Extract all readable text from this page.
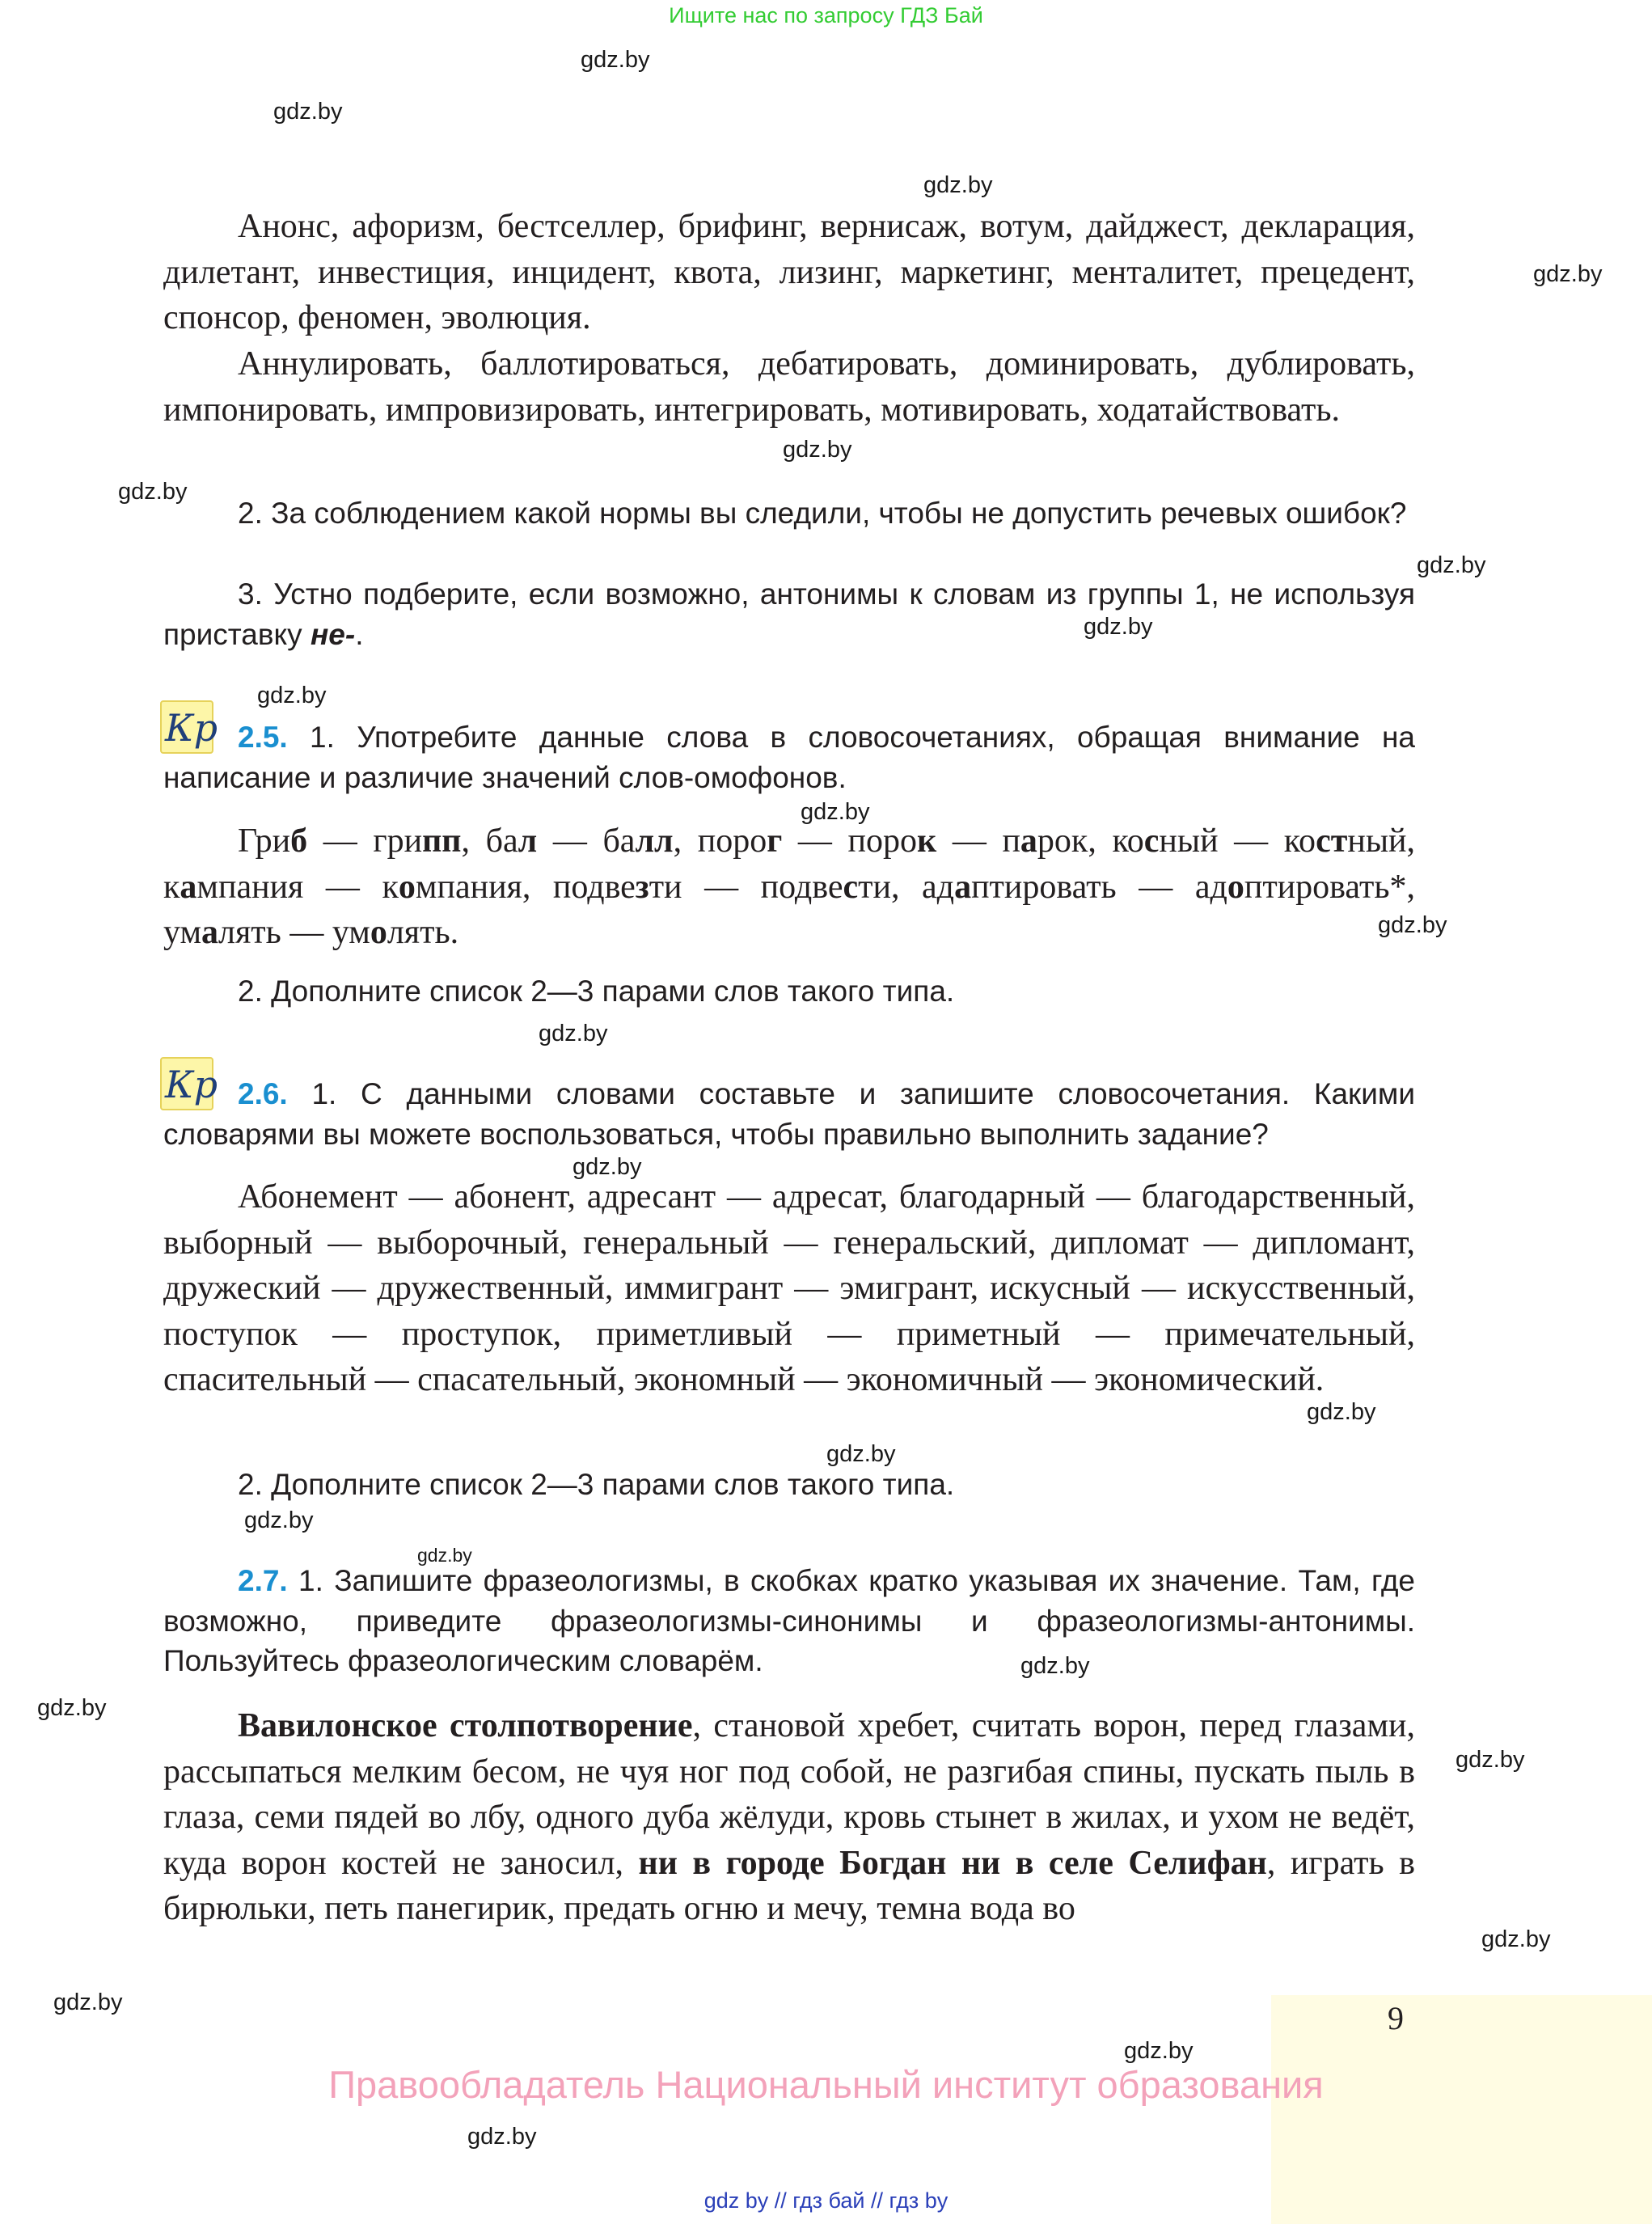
Ищите нас по запросу ГДЗ Бай
gdz.by
gdz.by
gdz.by
gdz.by
gdz.by
gdz.by
gdz.by
gdz.by
gdz.by
gdz.by
gdz.by
gdz.by
gdz.by
gdz.by
gdz.by
gdz.by
gdz.by
gdz.by
gdz.by
gdz.by
gdz.by
gdz.by
gdz.by
gdz.by
Анонс, афоризм, бестселлер, брифинг, вернисаж, вотум, дайджест, декларация, дилетант, инвестиция, инцидент, квота, лизинг, маркетинг, менталитет, прецедент, спонсор, феномен, эволюция.
Аннулировать, баллотироваться, дебатировать, доминировать, дублировать, импонировать, импровизировать, интегрировать, мотивировать, ходатайствовать.
2. За соблюдением какой нормы вы следили, чтобы не допустить речевых ошибок?
3. Устно подберите, если возможно, антонимы к словам из группы 1, не используя приставку не-.
Кр 2.5. 1. Употребите данные слова в словосочетаниях, обращая внимание на написание и различие значений слов-омофонов.
Гриб — грипп, бал — балл, порог — порок — парок, косный — костный, кампания — компания, подвезти — подвести, адаптировать — адоптировать*, умалять — умолять.
2. Дополните список 2—3 парами слов такого типа.
Кр 2.6. 1. С данными словами составьте и запишите словосочетания. Какими словарями вы можете воспользоваться, чтобы правильно выполнить задание?
Абонемент — абонент, адресант — адресат, благодарный — благодарственный, выборный — выборочный, генеральный — генеральский, дипломат — дипломант, дружеский — дружественный, иммигрант — эмигрант, искусный — искусственный, поступок — проступок, приметливый — приметный — примечательный, спасительный — спасательный, экономный — экономичный — экономический.
2. Дополните список 2—3 парами слов такого типа.
2.7. 1. Запишите фразеологизмы, в скобках кратко указывая их значение. Там, где возможно, приведите фразеологизмы-синонимы и фразеологизмы-антонимы. Пользуйтесь фразеологическим словарём.
Вавилонское столпотворение, становой хребет, считать ворон, перед глазами, рассыпаться мелким бесом, не чуя ног под собой, не разгибая спины, пускать пыль в глаза, семи пядей во лбу, одного дуба жёлуди, кровь стынет в жилах, и ухом не ведёт, куда ворон костей не заносил, ни в городе Богдан ни в селе Селифан, играть в бирюльки, петь панегирик, предать огню и мечу, темна вода во
9
Правообладатель Национальный институт образования
gdz by // гдз бай // гдз by
